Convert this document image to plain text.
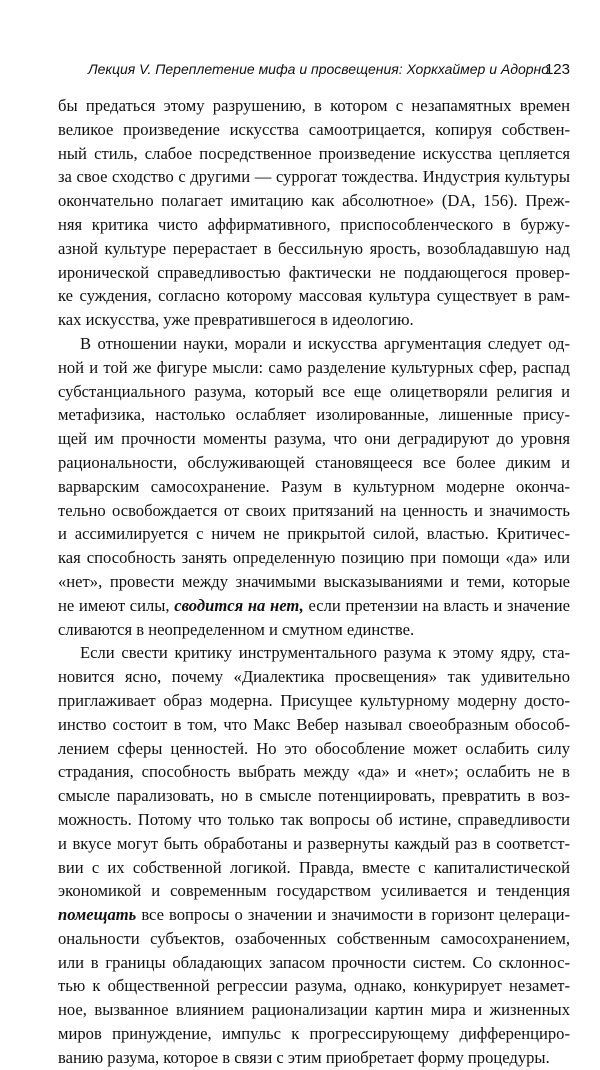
Лекция V. Переплетение мифа и просвещения: Хоркхаймер и Адорно
123
бы предаться этому разрушению, в котором с незапамятных времен
великое произведение искусства самоотрицается, копируя собствен-
ный стиль, слабое посредственное произведение искусства цепляется
за свое сходство с другими — суррогат тождества. Индустрия культуры
окончательно полагает имитацию как абсолютное» (DA, 156). Преж-
няя критика чисто аффирмативного, приспособленческого в буржу-
азной культуре перерастает в бессильную ярость, возобладавшую над
иронической справедливостью фактически не поддающегося провер-
ке суждения, согласно которому массовая культура существует в рам-
ках искусства, уже превратившегося в идеологию.
В отношении науки, морали и искусства аргументация следует од-
ной и той же фигуре мысли: само разделение культурных сфер, распад
субстанциального разума, который все еще олицетворяли религия и
метафизика, настолько ослабляет изолированные, лишенные прису-
щей им прочности моменты разума, что они деградируют до уровня
рациональности, обслуживающей становящееся все более диким и
варварским самосохранение. Разум в культурном модерне оконча-
тельно освобождается от своих притязаний на ценность и значимость
и ассимилируется с ничем не прикрытой силой, властью. Критичес-
кая способность занять определенную позицию при помощи «да» или
«нет», провести между значимыми высказываниями и теми, которые
не имеют силы, сводится на нет, если претензии на власть и значение
сливаются в неопределенном и смутном единстве.
Если свести критику инструментального разума к этому ядру, ста-
новится ясно, почему «Диалектика просвещения» так удивительно
приглаживает образ модерна. Присущее культурному модерну досто-
инство состоит в том, что Макс Вебер называл своеобразным обособ-
лением сферы ценностей. Но это обособление может ослабить силу
страдания, способность выбрать между «да» и «нет»; ослабить не в
смысле парализовать, но в смысле потенциировать, превратить в воз-
можность. Потому что только так вопросы об истине, справедливости
и вкусе могут быть обработаны и развернуты каждый раз в соответст-
вии с их собственной логикой. Правда, вместе с капиталистической
экономикой и современным государством усиливается и тенденция
помещать все вопросы о значении и значимости в горизонт целераци-
ональности субъектов, озабоченных собственным самосохранением,
или в границы обладающих запасом прочности систем. Со склоннос-
тью к общественной регрессии разума, однако, конкурирует незамет-
ное, вызванное влиянием рационализации картин мира и жизненных
миров принуждение, импульс к прогрессирующему дифференциро-
ванию разума, которое в связи с этим приобретает форму процедуры.
